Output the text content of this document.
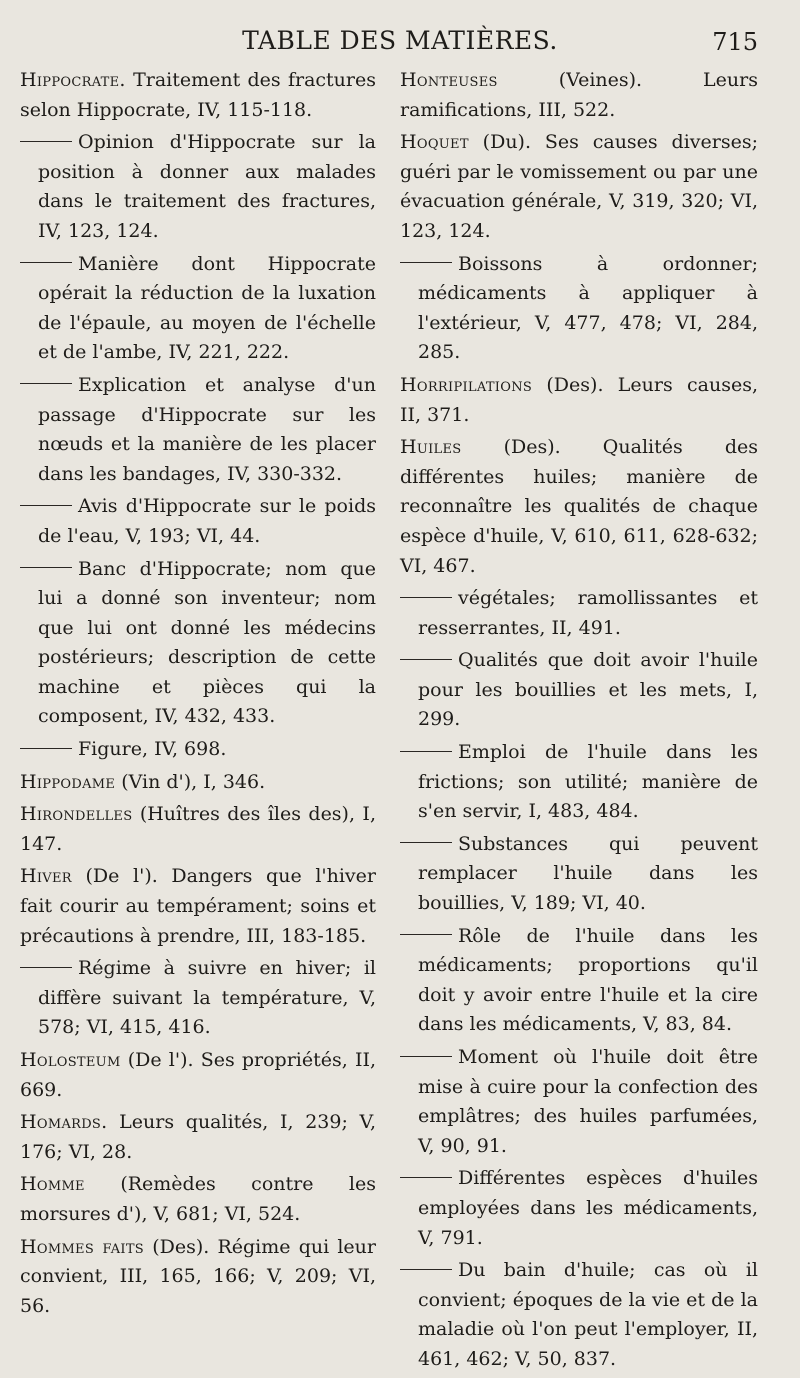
TABLE DES MATIÈRES.	715

Hippocrate. Traitement des fractures selon Hippocrate, IV, 115-118.

Opinion d'Hippocrate sur la position à donner aux malades dans le traitement des fractures, IV, 123, 124.

Manière dont Hippocrate opérait la réduction de la luxation de l'épaule, au moyen de l'échelle et de l'ambe, IV, 221, 222.

Explication et analyse d'un passage d'Hippocrate sur les nœuds et la manière de les placer dans les bandages, IV, 330-332.

Avis d'Hippocrate sur le poids de l'eau, V, 193; VI, 44.

Banc d'Hippocrate; nom que lui a donné son inventeur; nom que lui ont donné les médecins postérieurs; description de cette machine et pièces qui la composent, IV, 432, 433.

Figure, IV, 698.

Hippodame (Vin d'), I, 346.

Hirondelles (Huîtres des îles des), I, 147.

Hiver (De l'). Dangers que l'hiver fait courir au tempérament; soins et précautions à prendre, III, 183-185.

Régime à suivre en hiver; il diffère suivant la température, V, 578; VI, 415, 416.

Holosteum (De l'). Ses propriétés, II, 669.

Homards. Leurs qualités, I, 239; V, 176; VI, 28.

Homme (Remèdes contre les morsures d'), V, 681; VI, 524.

Hommes faits (Des). Régime qui leur convient, III, 165, 166; V, 209; VI, 56.

Honteuses	(Veines). Leurs ramifications, III, 522.

Hoquet (Du). Ses causes diverses; guéri par le vomissement ou par une évacuation générale, V, 319, 320; VI, 123, 124.

Boissons à ordonner; médicaments à appliquer à l'extérieur, V, 477, 478; VI, 284, 285.

Horripilations (Des). Leurs causes, II, 371.

Huiles (Des). Qualités des différentes huiles; manière de reconnaître les qualités de chaque espèce d'huile, V, 610, 611, 628-632; VI, 467.

végétales; ramollissantes et resserrantes, II, 491.

Qualités que doit avoir l'huile pour les bouillies et les mets, I, 299.

Emploi de l'huile dans les frictions; son utilité; manière de s'en servir, I, 483, 484.

Substances qui peuvent remplacer l'huile dans les bouillies, V, 189; VI, 40.

Rôle de l'huile dans les médicaments; proportions qu'il doit y avoir entre l'huile et la cire dans les médicaments, V, 83, 84.

Moment où l'huile doit être mise à cuire pour la confection des emplâtres; des huiles parfumées, V, 90, 91.

Différentes espèces d'huiles employées dans les médicaments, V, 791.

Du bain d'huile; cas où il convient; époques de la vie et de la maladie où l'on peut l'employer, II, 461, 462; V, 50, 837.
